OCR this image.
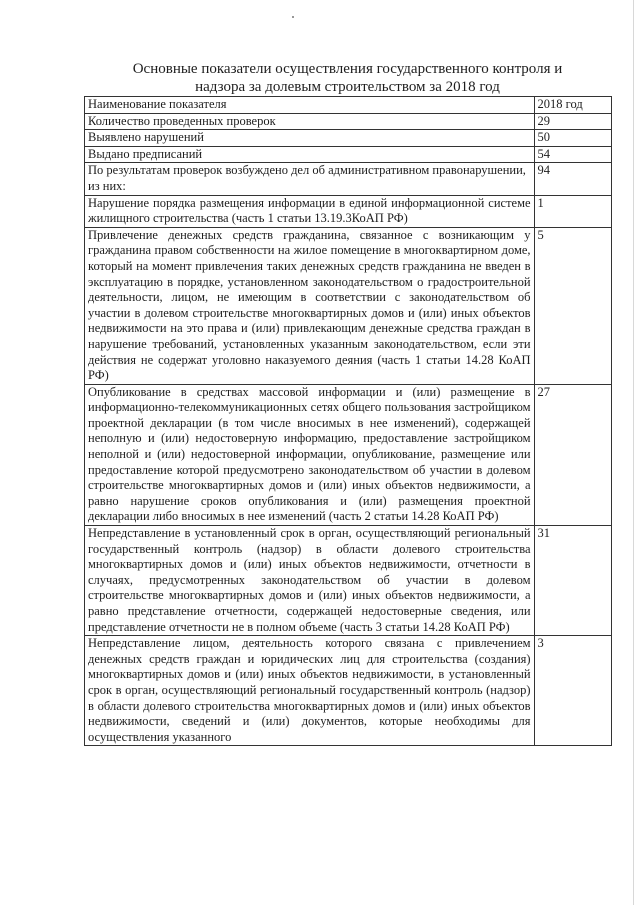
Основные показатели осуществления государственного контроля и
надзора за долевым строительством за 2018 год
Наименование показателя	2018 год
Количество проведенных проверок	29
Выявлено нарушений	50
Выдано предписаний	54
По результатам проверок возбуждено дел об административном правонарушении,
из них:	94
Нарушение порядка размещения информации в единой информационной системе жилищного строительства (часть 1 статьи 13.19.3КоАП РФ)	1
Привлечение денежных средств гражданина, связанное с возникающим у гражданина правом собственности на жилое помещение в многоквартирном доме, который на момент привлечения таких денежных средств гражданина не введен в эксплуатацию в порядке, установленном законодательством о градостроительной деятельности, лицом, не имеющим в соответствии с законодательством об участии в долевом строительстве многоквартирных домов и (или) иных объектов недвижимости на это права и (или) привлекающим денежные средства граждан в нарушение требований, установленных указанным законодательством, если эти действия не содержат уголовно наказуемого деяния (часть 1 статьи 14.28 КоАП РФ)	5
Опубликование в средствах массовой информации и (или) размещение в информационно-телекоммуникационных сетях общего пользования застройщиком проектной декларации (в том числе вносимых в нее изменений), содержащей неполную и (или) недостоверную информацию, предоставление застройщиком неполной и (или) недостоверной информации, опубликование, размещение или предоставление которой предусмотрено законодательством об участии в долевом строительстве многоквартирных домов и (или) иных объектов недвижимости, а равно нарушение сроков опубликования и (или) размещения проектной декларации либо вносимых в нее изменений (часть 2 статьи 14.28 КоАП РФ)	27
Непредставление в установленный срок в орган, осуществляющий региональный государственный контроль (надзор) в области долевого строительства многоквартирных домов и (или) иных объектов недвижимости, отчетности в случаях, предусмотренных законодательством об участии в долевом строительстве многоквартирных домов и (или) иных объектов недвижимости, а равно представление отчетности, содержащей недостоверные сведения, или представление отчетности не в полном объеме (часть 3 статьи 14.28 КоАП РФ)	31
Непредставление лицом, деятельность которого связана с привлечением денежных средств граждан и юридических лиц для строительства (создания) многоквартирных домов и (или) иных объектов недвижимости, в установленный срок в орган, осуществляющий региональный государственный контроль (надзор) в области долевого строительства многоквартирных домов и (или) иных объектов недвижимости, сведений и (или) документов, которые необходимы для осуществления указанного	3
